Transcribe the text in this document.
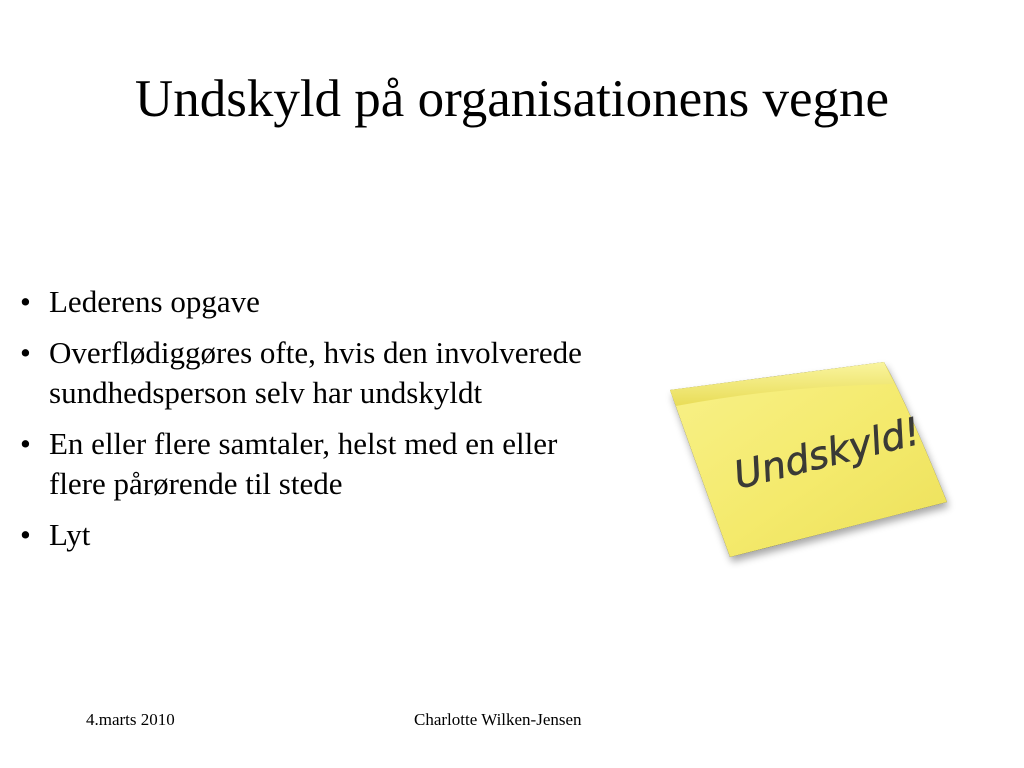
Undskyld på organisationens vegne
• Lederens opgave
• Overflødiggøres ofte, hvis den involverede sundhedsperson selv har undskyldt
• En eller flere samtaler, helst med en eller flere pårørende til stede
• Lyt
Undskyld!
4.marts 2010	Charlotte Wilken-Jensen
